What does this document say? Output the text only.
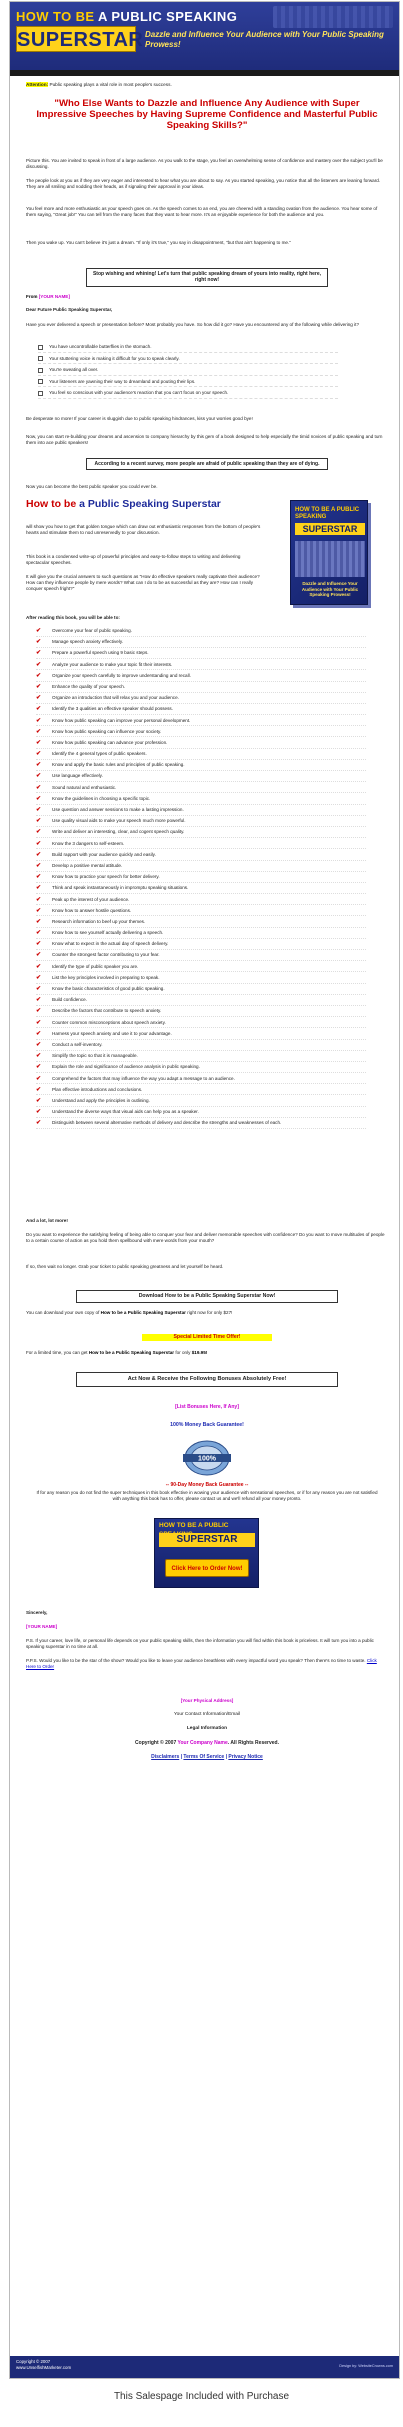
HOW TO BE A PUBLIC SPEAKING
SUPERSTAR Dazzle and Influence Your Audience with Your Public Speaking Prowess!
Attention: Public speaking plays a vital role in most people's success.
"Who Else Wants to Dazzle and Influence Any Audience with Super Impressive Speeches by Having Supreme Confidence and Masterful Public Speaking Skills?"
Picture this. You are invited to speak in front of a large audience. As you walk to the stage, you feel an overwhelming sense of confidence and mastery over the subject you'll be discussing.
The people look at you as if they are very eager and interested to hear what you are about to say. As you started speaking, you notice that all the listeners are leaning forward. They are all smiling and nodding their heads, as if signaling their approval in your ideas.
You feel more and more enthusiastic as your speech goes on. As the speech comes to an end, you are cheered with a standing ovation from the audience. You hear some of them saying, "Great job!" You can tell from the many faces that they want to hear more. It's an enjoyable experience for both the audience and you.
Then you wake up. You can't believe it's just a dream. "If only it's true," you say in disappointment, "but that ain't happening to me."
Stop wishing and whining! Let's turn that public speaking dream of yours into reality, right here, right now!
From [YOUR NAME]
Dear Future Public Speaking Superstar,
Have you ever delivered a speech or presentation before? Most probably you have. So how did it go? Have you encountered any of the following while delivering it?
You have uncontrollable butterflies in the stomach.
Your stuttering voice is making it difficult for you to speak clearly.
You're sweating all over.
Your listeners are yawning their way to dreamland and pouting their lips.
You feel so conscious with your audience's reaction that you can't focus on your speech.
Be desperate no more! If your career is sluggish due to public speaking hindrances, kiss your worries good bye!
Now, you can start re-building your dreams and ascension to company hierarchy by this gem of a book designed to help especially the timid novices of public speaking and turn them into ace public speakers!
According to a recent survey, more people are afraid of public speaking than they are of dying.
Now you can become the best public speaker you could ever be.
How to be a Public Speaking Superstar
will show you how to get that golden tongue which can draw out enthusiastic responses from the bottom of people's hearts and stimulate them to nod unreservedly to your discussion.
This book is a condensed write-up of powerful principles and easy-to-follow steps to writing and delivering spectacular speeches.
It will give you the crucial answers to such questions as "How do effective speakers really captivate their audience? How can they influence people by mere words? What can I do to be as successful as they are? How can I really conquer speech fright?"
HOW TO BE A PUBLIC SPEAKING
SUPERSTAR
Dazzle and Influence Your Audience with Your Public Speaking Prowess!
After reading this book, you will be able to:
✔	Overcome your fear of public speaking.
✔	Manage speech anxiety effectively.
✔	Prepare a powerful speech using 9 basic steps.
✔	Analyze your audience to make your topic fit their interests.
✔	Organize your speech carefully to improve understanding and recall.
✔	Enhance the quality of your speech.
✔	Organize an introduction that will relax you and your audience.
✔	Identify the 3 qualities an effective speaker should possess.
✔	Know how public speaking can improve your personal development.
✔	Know how public speaking can influence your society.
✔	Know how public speaking can advance your profession.
✔	Identify the 4 general types of public speakers.
✔	Know and apply the basic rules and principles of public speaking.
✔	Use language effectively.
✔	Sound natural and enthusiastic.
✔	Know the guidelines in choosing a specific topic.
✔	Use question and answer sessions to make a lasting impression.
✔	Use quality visual aids to make your speech much more powerful.
✔	Write and deliver an interesting, clear, and cogent speech quality.
✔	Know the 3 dangers to self-esteem.
✔	Build rapport with your audience quickly and easily.
✔	Develop a positive mental attitude.
✔	Know how to practice your speech for better delivery.
✔	Think and speak instantaneously in impromptu speaking situations.
✔	Peak up the interest of your audience.
✔	Know how to answer hostile questions.
✔	Research information to beef up your themes.
✔	Know how to see yourself actually delivering a speech.
✔	Know what to expect in the actual day of speech delivery.
✔	Counter the strongest factor contributing to your fear.
✔	Identify the type of public speaker you are.
✔	List the key principles involved in preparing to speak.
✔	Know the basic characteristics of good public speaking.
✔	Build confidence.
✔	Describe the factors that contribute to speech anxiety.
✔	Counter common misconceptions about speech anxiety.
✔	Harness your speech anxiety and use it to your advantage.
✔	Conduct a self-inventory.
✔	Simplify the topic so that it is manageable.
✔	Explain the role and significance of audience analysis in public speaking.
✔	Comprehend the factors that may influence the way you adapt a message to an audience.
✔	Plan effective introductions and conclusions.
✔	Understand and apply the principles in outlining.
✔	Understand the diverse ways that visual aids can help you as a speaker.
✔	Distinguish between several alternative methods of delivery and describe the strengths and weaknesses of each.
And a lot, lot more!
Do you want to experience the satisfying feeling of being able to conquer your fear and deliver memorable speeches with confidence? Do you want to move multitudes of people to a certain course of action as you hold them spellbound with mere words from your mouth?
If so, then wait no longer. Grab your ticket to public speaking greatness and let yourself be heard.
Download How to be a Public Speaking Superstar Now!
You can download your own copy of How to be a Public Speaking Superstar right now for only $27!
Special Limited Time Offer!
For a limited time, you can get How to be a Public Speaking Superstar for only $19.95!
Act Now & Receive the Following Bonuses Absolutely Free!
[List Bonuses Here, If Any]
100% Money Back Guarantee!
100%
-- 90-Day Money Back Guarantee --
If for any reason you do not find the super techniques in this book effective in wowing your audience with sensational speeches, or if for any reason you are not satisfied with anything this book has to offer, please contact us and we'll refund all your money pronto.
HOW TO BE A PUBLIC
SUPERSTAR
Click Here to Order Now!
Sincerely,
[YOUR NAME]
P.S. If your career, love life, or personal life depends on your public speaking skills, then the information you will find within this book is priceless. It will turn you into a public speaking superstar in no time at all.
P.P.S. Would you like to be the star of the show? Would you like to leave your audience breathless with every impactful word you speak? Then there's no time to waste. Click Here to Order
[Your Physical Address]
Your Contact Information/Email
Legal Information
Copyright © 2007 Your Company Name. All Rights Reserved.
Disclaimers | Terms Of Service | Privacy Notice
Copyright © 2007
www.UnselfishMarketer.com	Design by: WebsiteCrowns.com
This Salespage Included with Purchase
